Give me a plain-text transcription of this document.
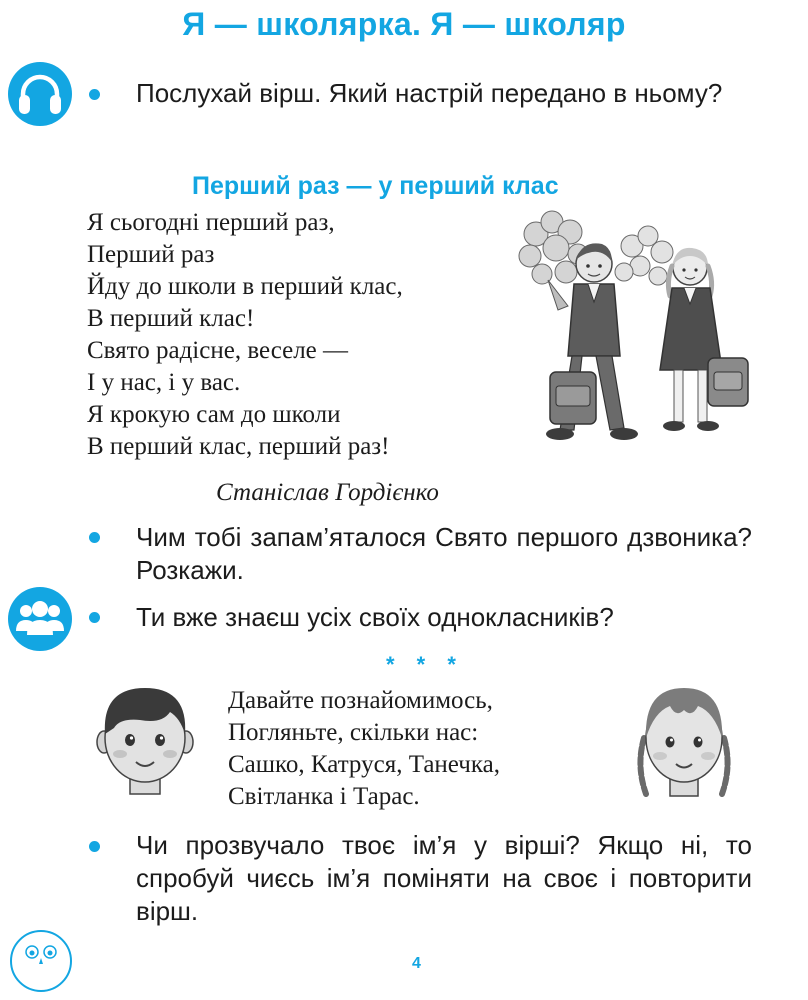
Я — школярка. Я — школяр
Послухай вірш. Який настрій передано в ньому?
Перший раз — у перший клас
Я сьогодні перший раз,
Перший раз
Йду до школи в перший клас,
В перший клас!
Свято радісне, веселе —
І у нас, і у вас.
Я крокую сам до школи
В перший клас, перший раз!
Станіслав Гордієнко
Чим тобі запам’яталося Свято першого дзвоника? Розкажи.
Ти вже знаєш усіх своїх однокласників?
* * *
Давайте познайомимось,
Погляньте, скільки нас:
Сашко, Катруся, Танечка,
Світланка і Тарас.
Чи прозвучало твоє ім’я у вірші? Якщо ні, то спробуй чиєсь ім’я поміняти на своє і повторити вірш.
4
